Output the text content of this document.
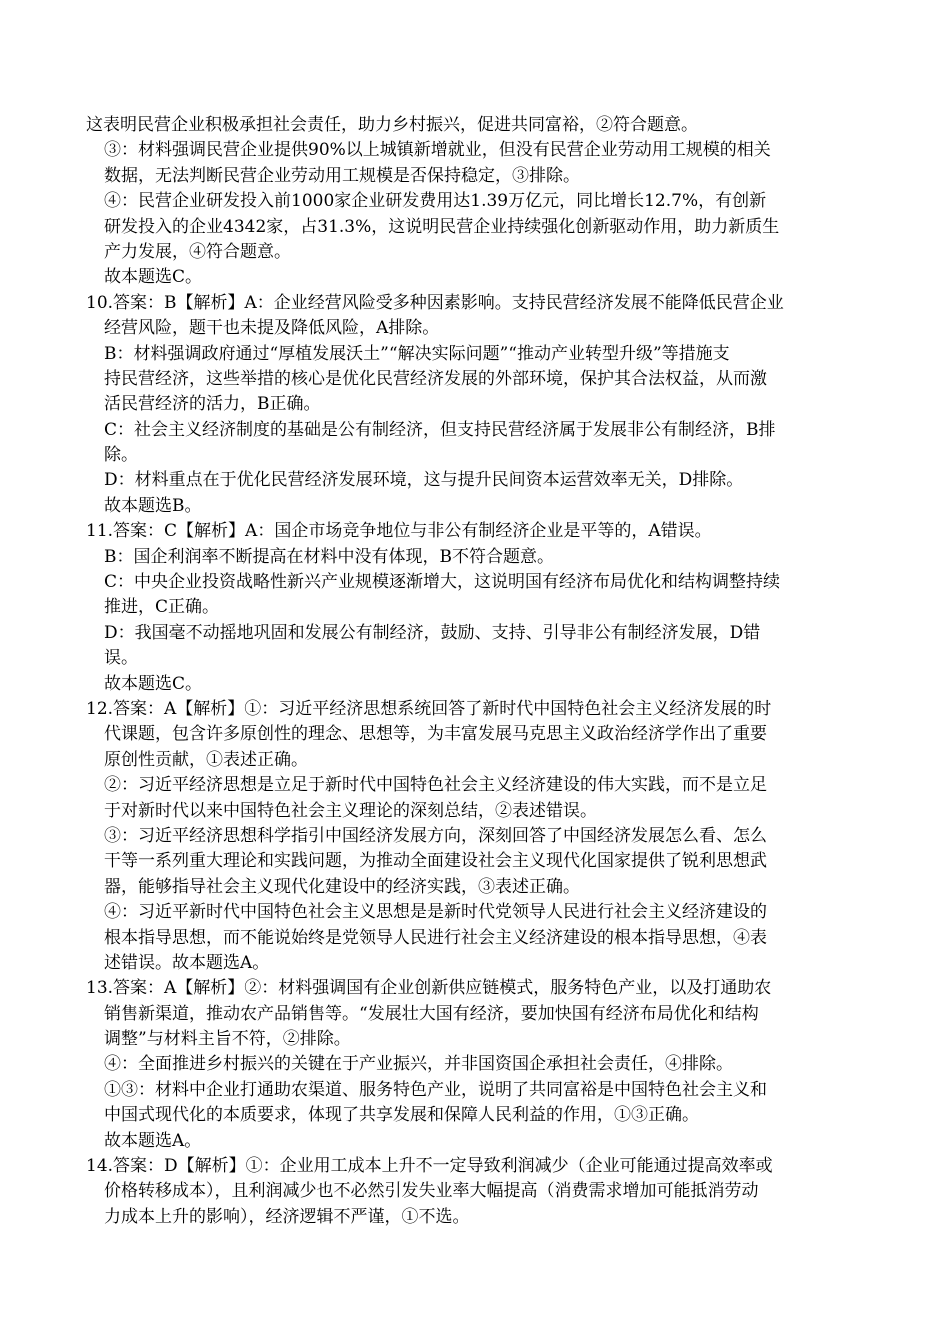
这表明民营企业积极承担社会责任，助力乡村振兴，促进共同富裕，②符合题意。
③：材料强调民营企业提供90%以上城镇新增就业，但没有民营企业劳动用工规模的相关
数据，无法判断民营企业劳动用工规模是否保持稳定，③排除。
④：民营企业研发投入前1000家企业研发费用达1.39万亿元，同比增长12.7%，有创新
研发投入的企业4342家，占31.3%，这说明民营企业持续强化创新驱动作用，助力新质生
产力发展，④符合题意。
故本题选C。
10.答案：B【解析】A：企业经营风险受多种因素影响。支持民营经济发展不能降低民营企业
经营风险，题干也未提及降低风险，A排除。
B：材料强调政府通过“厚植发展沃土”“解决实际问题”“推动产业转型升级”等措施支
持民营经济，这些举措的核心是优化民营经济发展的外部环境，保护其合法权益，从而激
活民营经济的活力，B正确。
C：社会主义经济制度的基础是公有制经济，但支持民营经济属于发展非公有制经济，B排
除。
D：材料重点在于优化民营经济发展环境，这与提升民间资本运营效率无关，D排除。
故本题选B。
11.答案：C【解析】A：国企市场竞争地位与非公有制经济企业是平等的，A错误。
B：国企利润率不断提高在材料中没有体现，B不符合题意。
C：中央企业投资战略性新兴产业规模逐渐增大，这说明国有经济布局优化和结构调整持续
推进，C正确。
D：我国毫不动摇地巩固和发展公有制经济，鼓励、支持、引导非公有制经济发展，D错
误。
故本题选C。
12.答案：A【解析】①：习近平经济思想系统回答了新时代中国特色社会主义经济发展的时
代课题，包含许多原创性的理念、思想等，为丰富发展马克思主义政治经济学作出了重要
原创性贡献，①表述正确。
②：习近平经济思想是立足于新时代中国特色社会主义经济建设的伟大实践，而不是立足
于对新时代以来中国特色社会主义理论的深刻总结，②表述错误。
③：习近平经济思想科学指引中国经济发展方向，深刻回答了中国经济发展怎么看、怎么
干等一系列重大理论和实践问题，为推动全面建设社会主义现代化国家提供了锐利思想武
器，能够指导社会主义现代化建设中的经济实践，③表述正确。
④：习近平新时代中国特色社会主义思想是是新时代党领导人民进行社会主义经济建设的
根本指导思想，而不能说始终是党领导人民进行社会主义经济建设的根本指导思想，④表
述错误。故本题选A。
13.答案：A【解析】②：材料强调国有企业创新供应链模式，服务特色产业，以及打通助农
销售新渠道，推动农产品销售等。“发展壮大国有经济，要加快国有经济布局优化和结构
调整”与材料主旨不符，②排除。
④：全面推进乡村振兴的关键在于产业振兴，并非国资国企承担社会责任，④排除。
①③：材料中企业打通助农渠道、服务特色产业，说明了共同富裕是中国特色社会主义和
中国式现代化的本质要求，体现了共享发展和保障人民利益的作用，①③正确。
故本题选A。
14.答案：D【解析】①：企业用工成本上升不一定导致利润减少（企业可能通过提高效率或
价格转移成本），且利润减少也不必然引发失业率大幅提高（消费需求增加可能抵消劳动
力成本上升的影响），经济逻辑不严谨，①不选。
